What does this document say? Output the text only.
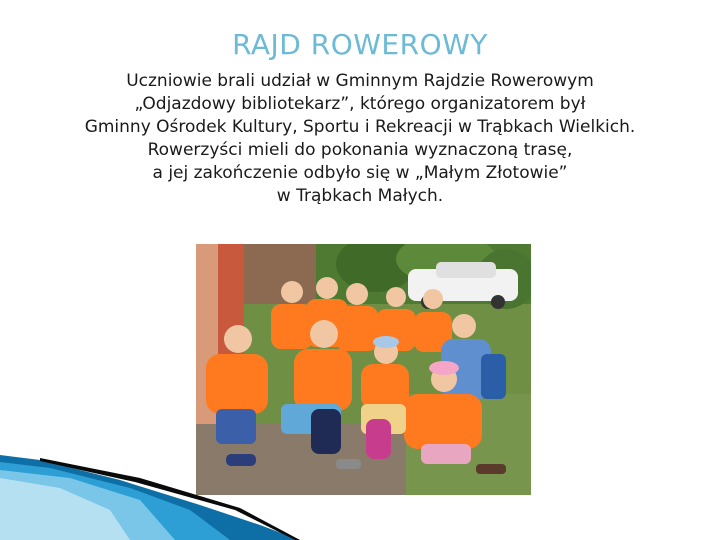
RAJD ROWEROWY
Uczniowie brali udział w Gminnym Rajdzie Rowerowym
„Odjazdowy bibliotekarz”, którego organizatorem był
Gminny Ośrodek Kultury, Sportu i Rekreacji w Trąbkach Wielkich.
Rowerzyści mieli do pokonania wyznaczoną trasę,
a jej zakończenie odbyło się w „Małym Złotowie”
w Trąbkach Małych.
